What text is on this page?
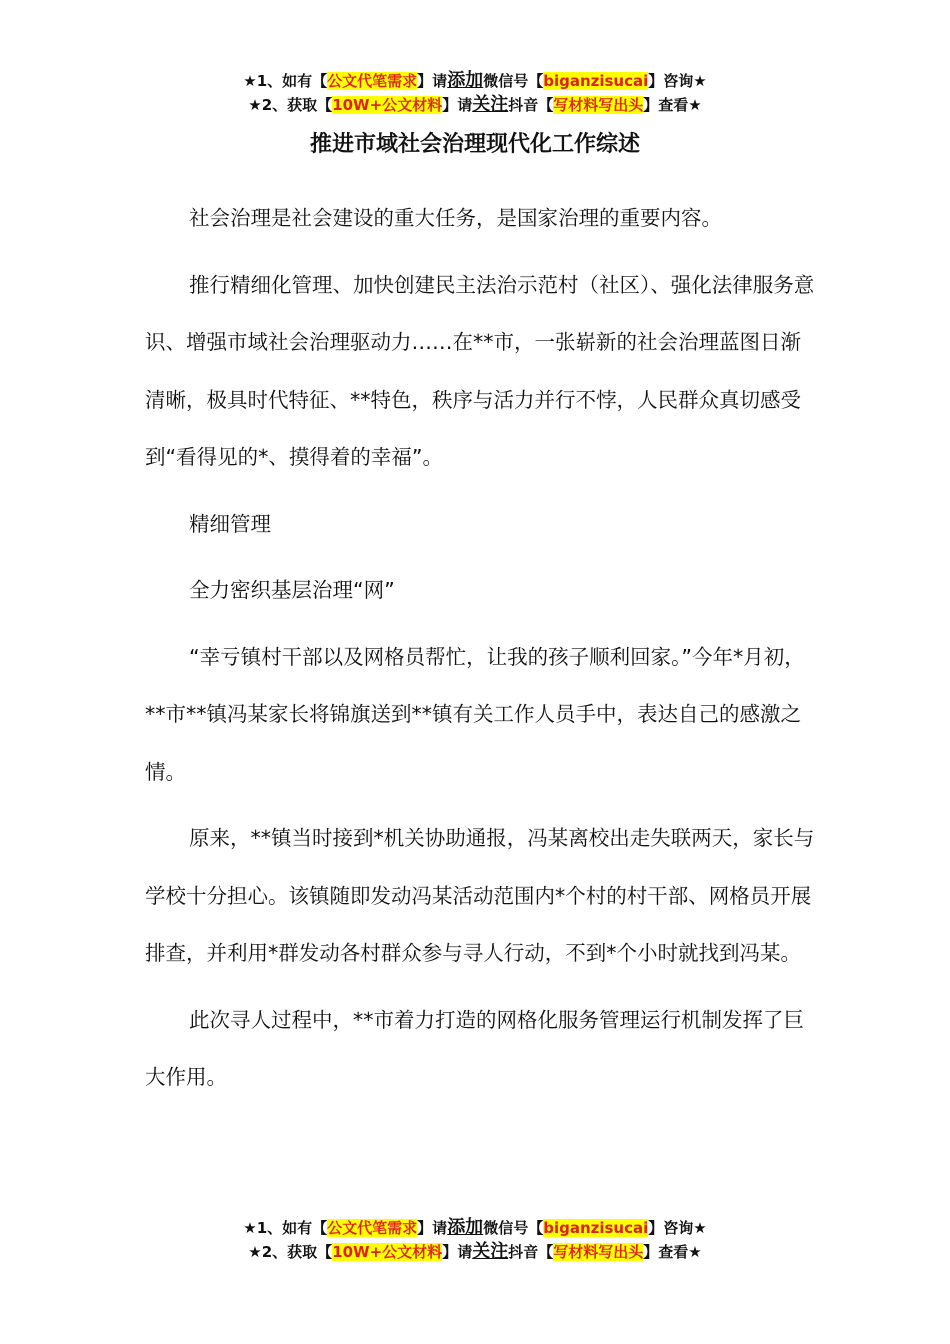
★1、如有【公文代笔需求】请添加微信号【biganzisucai】咨询★
★2、获取【10W+公文材料】请关注抖音【写材料写出头】查看★
推进市域社会治理现代化工作综述

社会治理是社会建设的重大任务，是国家治理的重要内容。

推行精细化管理、加快创建民主法治示范村（社区）、强化法律服务意识、增强市域社会治理驱动力……在**市，一张崭新的社会治理蓝图日渐清晰，极具时代特征、**特色，秩序与活力并行不悖，人民群众真切感受到“看得见的*、摸得着的幸福”。

精细管理

全力密织基层治理“网”

“幸亏镇村干部以及网格员帮忙，让我的孩子顺利回家。”今年*月初，**市**镇冯某家长将锦旗送到**镇有关工作人员手中，表达自己的感激之情。

原来，**镇当时接到*机关协助通报，冯某离校出走失联两天，家长与学校十分担心。该镇随即发动冯某活动范围内*个村的村干部、网格员开展排查，并利用*群发动各村群众参与寻人行动，不到*个小时就找到冯某。

此次寻人过程中，**市着力打造的网格化服务管理运行机制发挥了巨大作用。

★1、如有【公文代笔需求】请添加微信号【biganzisucai】咨询★
★2、获取【10W+公文材料】请关注抖音【写材料写出头】查看★
